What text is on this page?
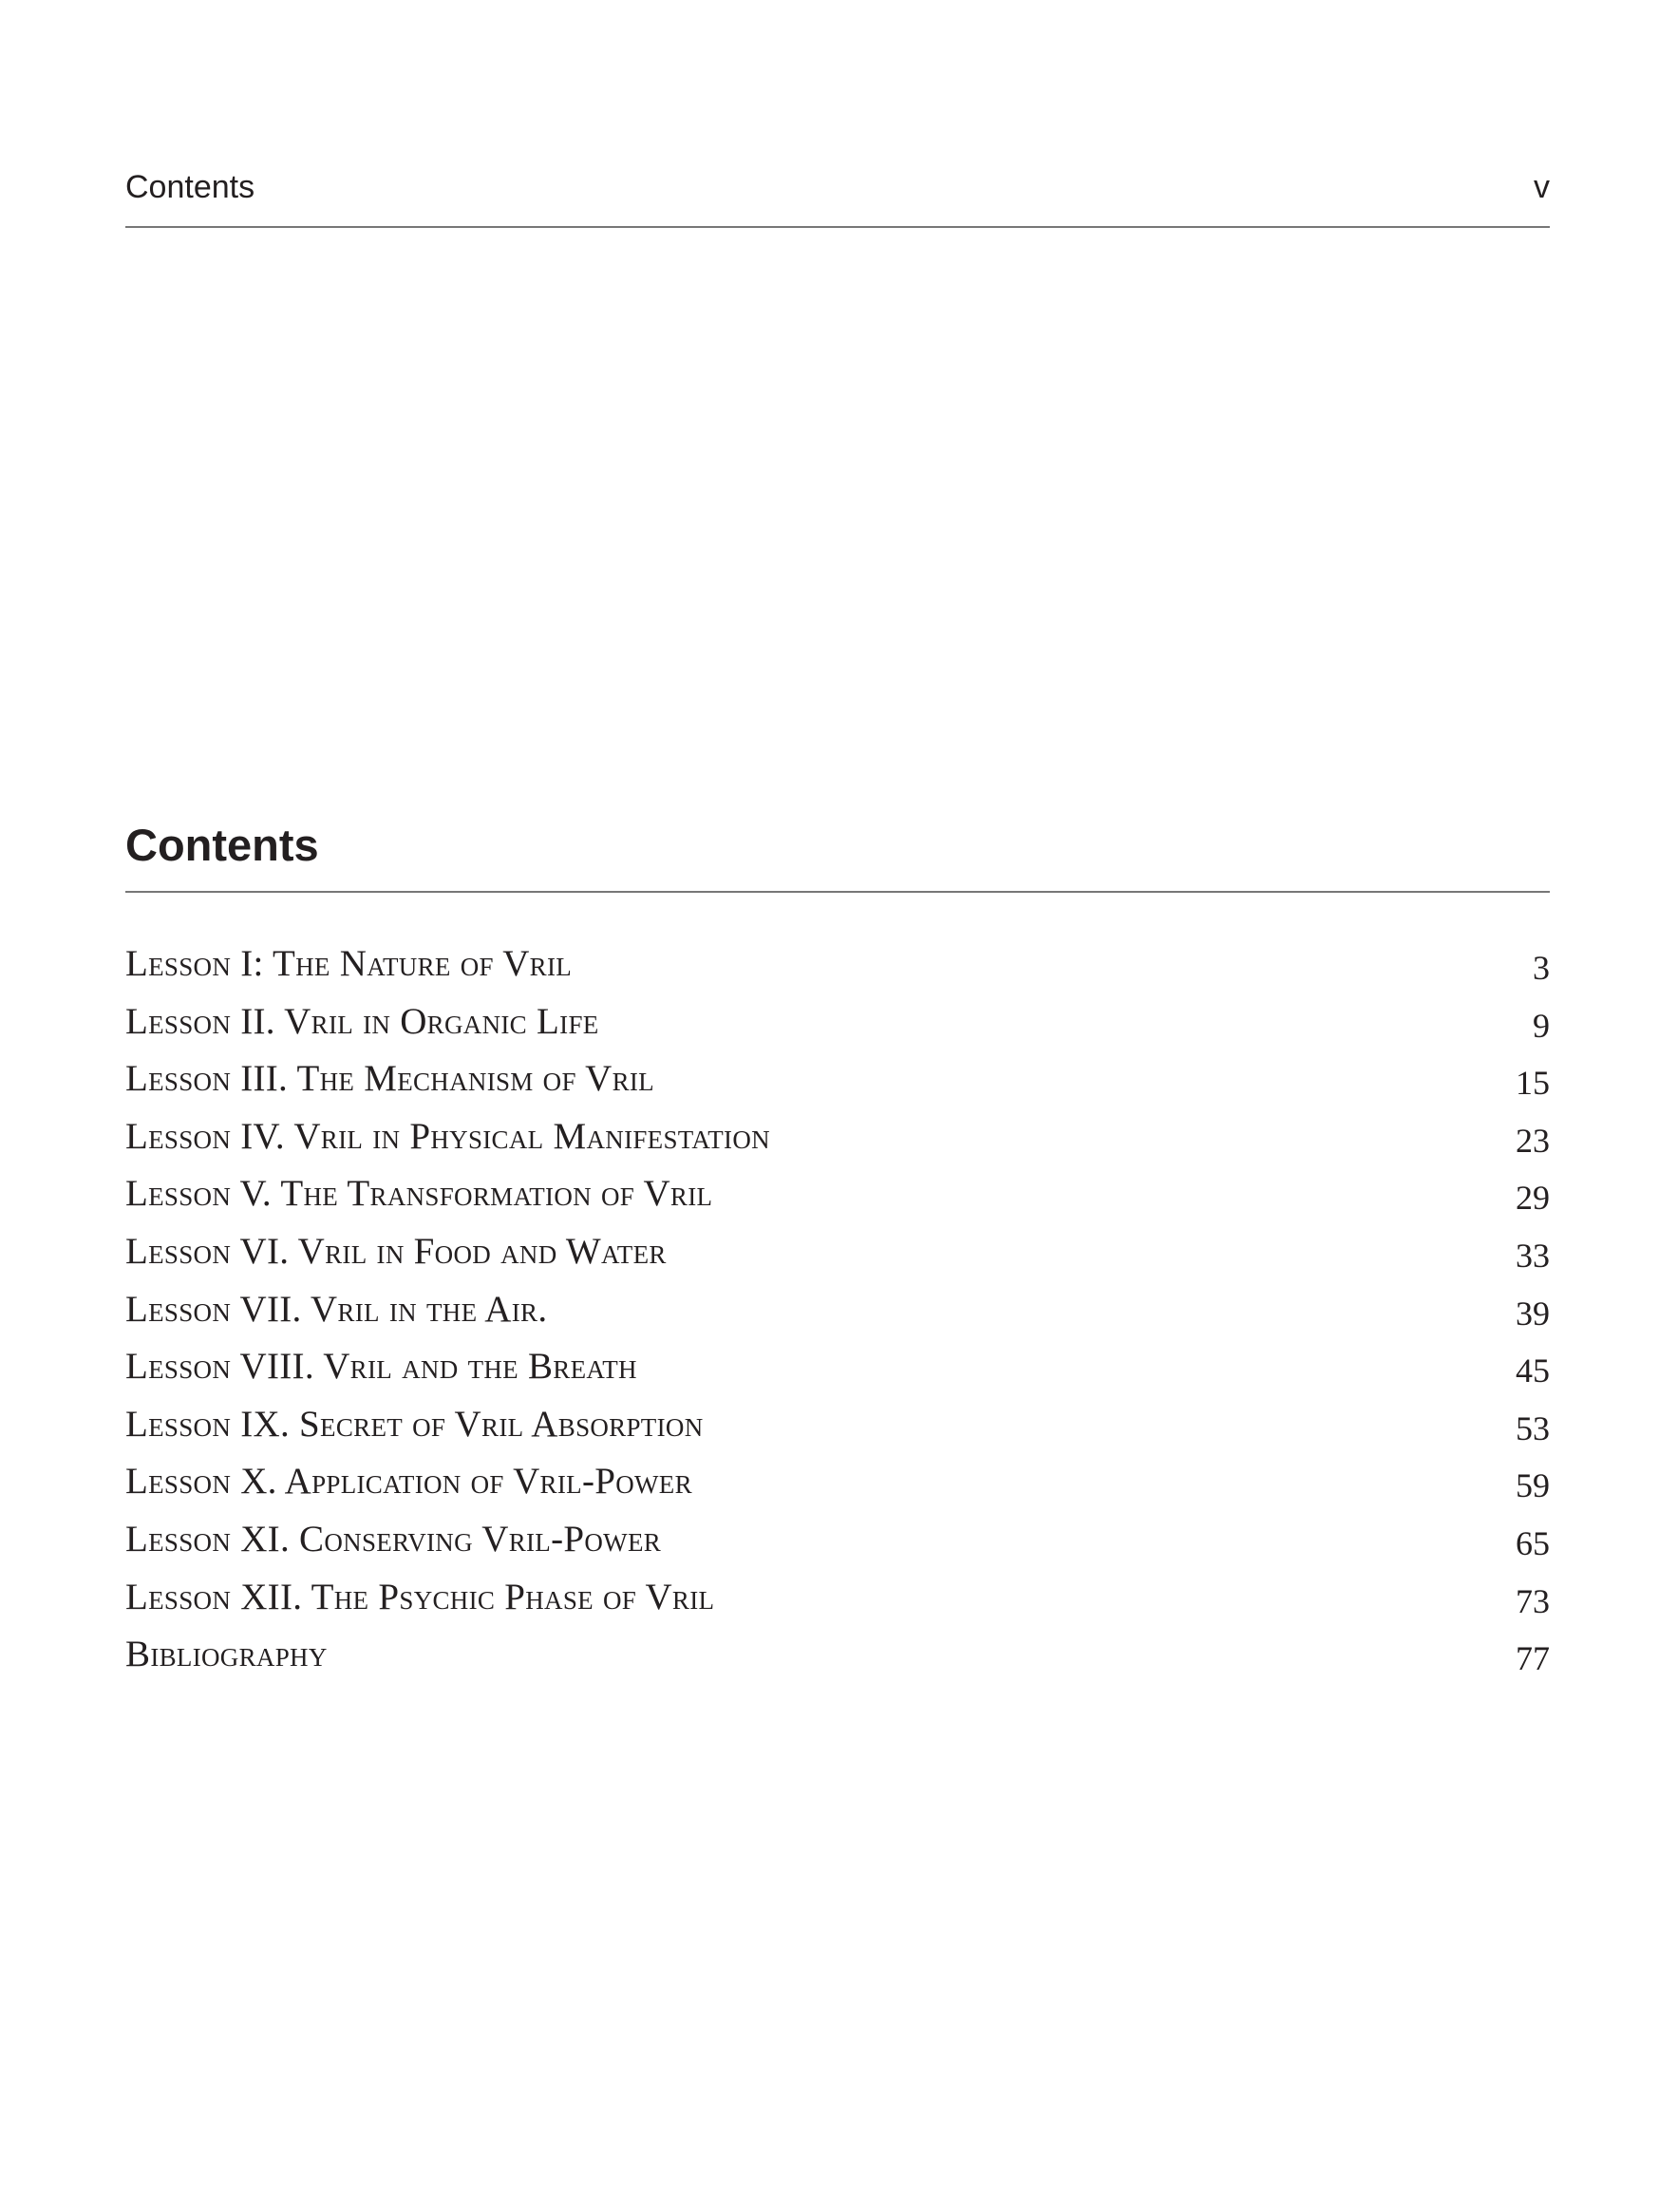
Contents	v
Contents
Lesson I: The Nature of Vril	3
Lesson II. Vril in Organic Life	9
Lesson III. The Mechanism of Vril	15
Lesson IV. Vril in Physical Manifestation	23
Lesson V. The Transformation of Vril	29
Lesson VI. Vril in Food and Water	33
Lesson VII. Vril in the Air.	39
Lesson VIII. Vril and the Breath	45
Lesson IX. Secret of Vril Absorption	53
Lesson X. Application of Vril-Power	59
Lesson XI. Conserving Vril-Power	65
Lesson XII. The Psychic Phase of Vril	73
Bibliography	77
